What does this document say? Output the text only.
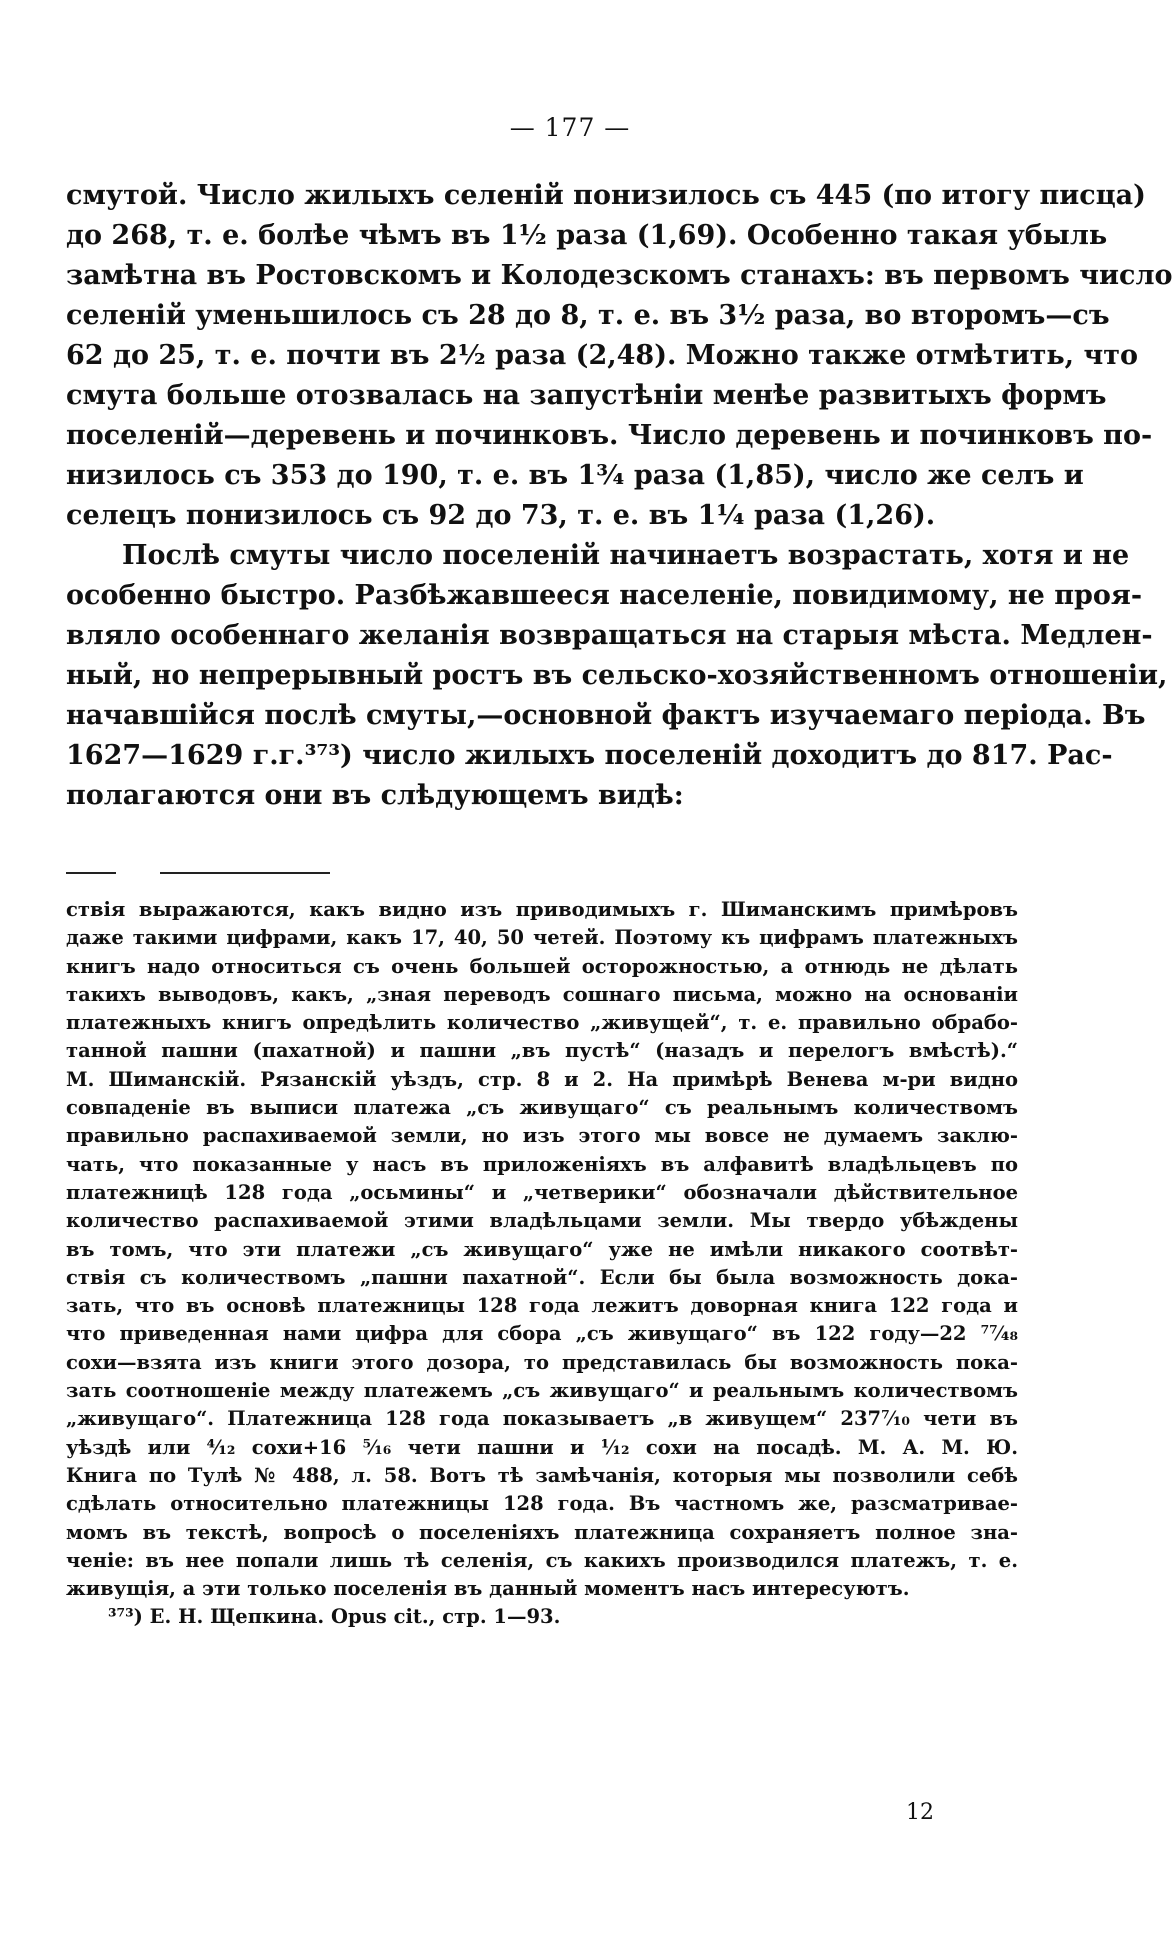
— 177 —
смутой. Число жилыхъ селеній понизилось съ 445 (по итогу писца)
до 268, т. е. болѣе чѣмъ въ 1½ раза (1,69). Особенно такая убыль
замѣтна въ Ростовскомъ и Колодезскомъ станахъ: въ первомъ число
селеній уменьшилось съ 28 до 8, т. е. въ 3½ раза, во второмъ—съ
62 до 25, т. е. почти въ 2½ раза (2,48). Можно также отмѣтить, что
смута больше отозвалась на запустѣніи менѣе развитыхъ формъ
поселеній—деревень и починковъ. Число деревень и починковъ по-
низилось съ 353 до 190, т. е. въ 1¾ раза (1,85), число же селъ и
селецъ понизилось съ 92 до 73, т. е. въ 1¼ раза (1,26).
Послѣ смуты число поселеній начинаетъ возрастать, хотя и не
особенно быстро. Разбѣжавшееся населеніе, повидимому, не проя-
вляло особеннаго желанія возвращаться на старыя мѣста. Медлен-
ный, но непрерывный ростъ въ сельско-хозяйственномъ отношеніи,
начавшійся послѣ смуты,—основной фактъ изучаемаго періода. Въ
1627—1629 г.г.³⁷³) число жилыхъ поселеній доходитъ до 817. Рас-
полагаются они въ слѣдующемъ видѣ:
ствія выражаются, какъ видно изъ приводимыхъ г. Шиманскимъ примѣровъ
даже такими цифрами, какъ 17, 40, 50 четей. Поэтому къ цифрамъ платежныхъ
книгъ надо относиться съ очень большей осторожностью, а отнюдь не дѣлать
такихъ выводовъ, какъ, „зная переводъ сошнаго письма, можно на основаніи
платежныхъ книгъ опредѣлить количество „живущей“, т. е. правильно обрабо-
танной пашни (пахатной) и пашни „въ пустѣ“ (назадъ и перелогъ вмѣстѣ).“
М. Шиманскій. Рязанскій уѣздъ, стр. 8 и 2. На примѣрѣ Венева м-ри видно
совпаденіе въ выписи платежа „съ живущаго“ съ реальнымъ количествомъ
правильно распахиваемой земли, но изъ этого мы вовсе не думаемъ заклю-
чать, что показанные у насъ въ приложеніяхъ въ алфавитѣ владѣльцевъ по
платежницѣ 128 года „осьмины“ и „четверики“ обозначали дѣйствительное
количество распахиваемой этими владѣльцами земли. Мы твердо убѣждены
въ томъ, что эти платежи „съ живущаго“ уже не имѣли никакого соотвѣт-
ствія съ количествомъ „пашни пахатной“. Если бы была возможность дока-
зать, что въ основѣ платежницы 128 года лежитъ доворная книга 122 года и
что приведенная нами цифра для сбора „съ живущаго“ въ 122 году—22 ⁷⁷⁄₄₈
сохи—взята изъ книги этого дозора, то представилась бы возможность пока-
зать соотношеніе между платежемъ „съ живущаго“ и реальнымъ количествомъ
„живущаго“. Платежница 128 года показываетъ „в живущем“ 237⁷⁄₁₀ чети въ
уѣздѣ или ⁴⁄₁₂ сохи+16 ⁵⁄₁₆ чети пашни и ¹⁄₁₂ сохи на посадѣ. М. А. М. Ю.
Книга по Тулѣ № 488, л. 58. Вотъ тѣ замѣчанія, которыя мы позволили себѣ
сдѣлать относительно платежницы 128 года. Въ частномъ же, разсматривае-
момъ въ текстѣ, вопросѣ о поселеніяхъ платежница сохраняетъ полное зна-
ченіе: въ нее попали лишь тѣ селенія, съ какихъ производился платежъ, т. е.
живущія, а эти только поселенія въ данный моментъ насъ интересуютъ.
³⁷³) Е. Н. Щепкина. Opus cit., стр. 1—93.
12
